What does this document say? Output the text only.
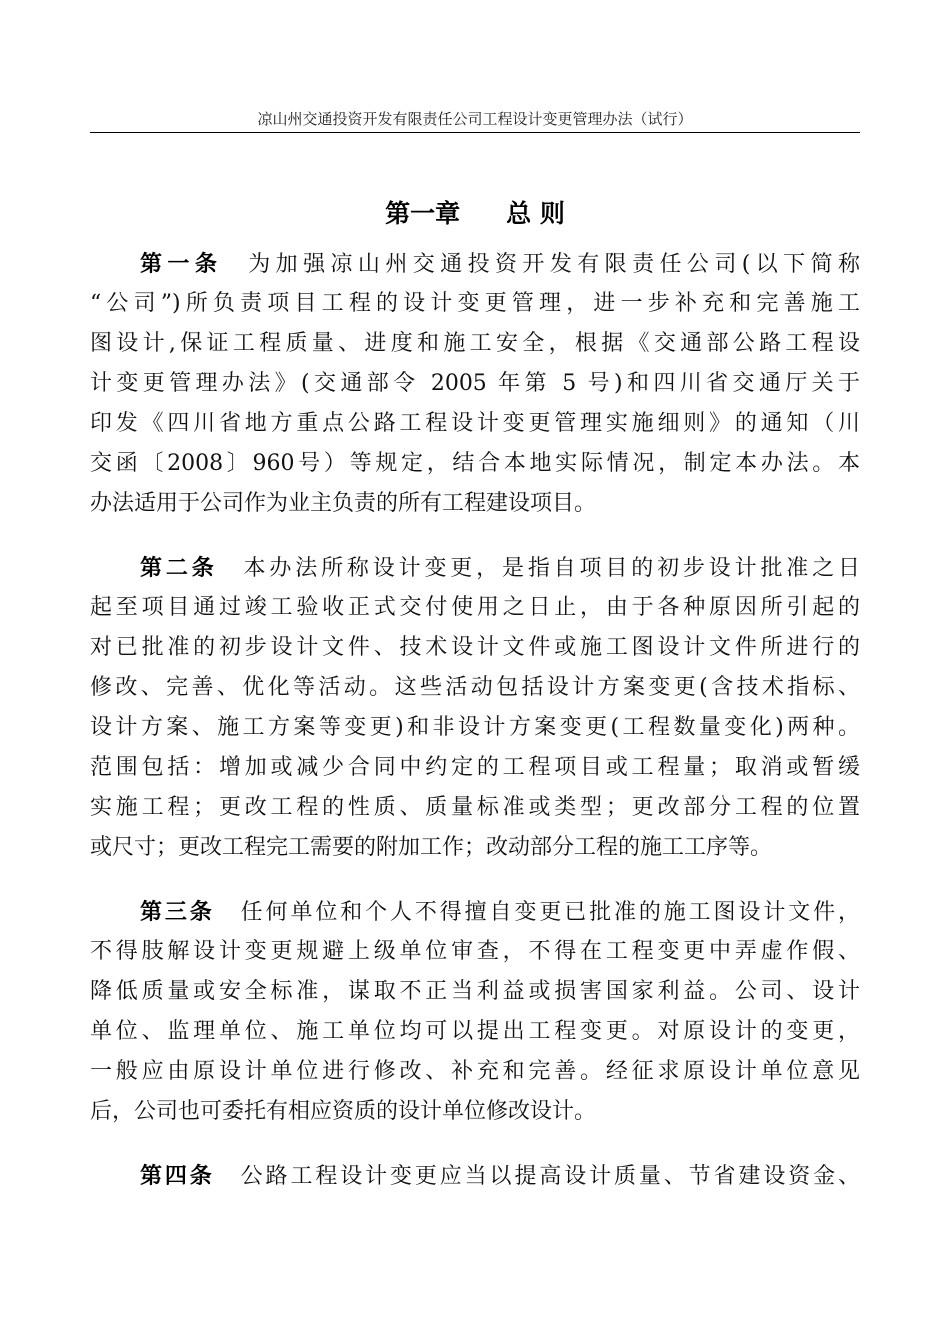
凉山州交通投资开发有限责任公司工程设计变更管理办法（试行）
第一章 总 则
第一条 为加强凉山州交通投资开发有限责任公司(以下简称
“公司”)所负责项目工程的设计变更管理，进一步补充和完善施工
图设计,保证工程质量、进度和施工安全，根据《交通部公路工程设
计变更管理办法》(交通部令 2005 年第 5 号)和四川省交通厅关于
印发《四川省地方重点公路工程设计变更管理实施细则》的通知（川
交函〔2008〕960号）等规定，结合本地实际情况，制定本办法。本
办法适用于公司作为业主负责的所有工程建设项目。
第二条 本办法所称设计变更，是指自项目的初步设计批准之日
起至项目通过竣工验收正式交付使用之日止，由于各种原因所引起的
对已批准的初步设计文件、技术设计文件或施工图设计文件所进行的
修改、完善、优化等活动。这些活动包括设计方案变更(含技术指标、
设计方案、施工方案等变更)和非设计方案变更(工程数量变化)两种。
范围包括：增加或减少合同中约定的工程项目或工程量；取消或暂缓
实施工程；更改工程的性质、质量标准或类型；更改部分工程的位置
或尺寸；更改工程完工需要的附加工作；改动部分工程的施工工序等。
第三条 任何单位和个人不得擅自变更已批准的施工图设计文件，
不得肢解设计变更规避上级单位审查，不得在工程变更中弄虚作假、
降低质量或安全标准，谋取不正当利益或损害国家利益。公司、设计
单位、监理单位、施工单位均可以提出工程变更。对原设计的变更，
一般应由原设计单位进行修改、补充和完善。经征求原设计单位意见
后，公司也可委托有相应资质的设计单位修改设计。
第四条 公路工程设计变更应当以提高设计质量、节省建设资金、
